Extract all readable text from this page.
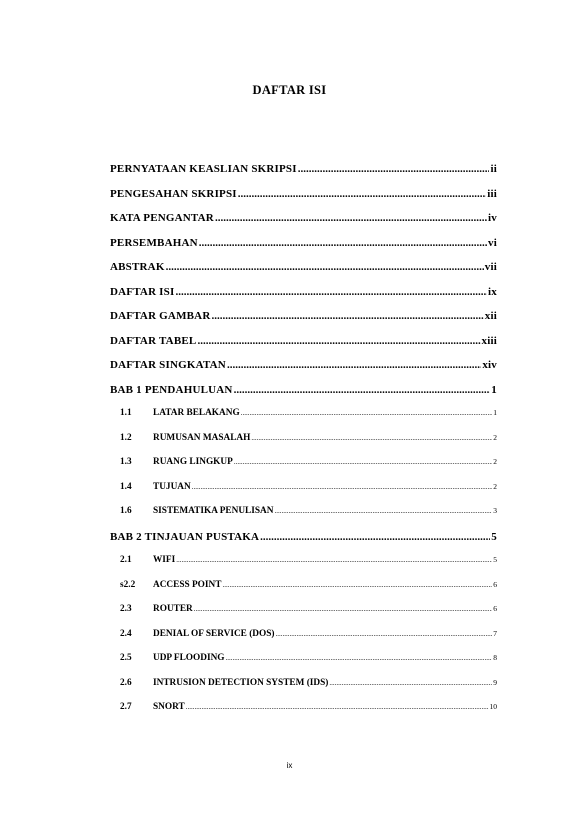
DAFTAR ISI
PERNYATAAN KEASLIAN SKRIPSI .....	ii
PENGESAHAN SKRIPSI .....	iii
KATA PENGANTAR .....	iv
PERSEMBAHAN .....	vi
ABSTRAK .....	vii
DAFTAR ISI .....	ix
DAFTAR GAMBAR .....	xii
DAFTAR TABEL .....	xiii
DAFTAR SINGKATAN .....	xiv
BAB 1 PENDAHULUAN .....	1
1.1	LATAR BELAKANG .....	1
1.2	RUMUSAN MASALAH .....	2
1.3	RUANG LINGKUP .....	2
1.4	TUJUAN .....	2
1.6	SISTEMATIKA PENULISAN .....	3
BAB 2 TINJAUAN PUSTAKA .....	5
2.1	WIFI .....	5
s2.2	ACCESS POINT .....	6
2.3	ROUTER .....	6
2.4	DENIAL OF SERVICE (DOS) .....	7
2.5	UDP FLOODING .....	8
2.6	INTRUSION DETECTION SYSTEM (IDS) .....	9
2.7	SNORT .....	10
ix
